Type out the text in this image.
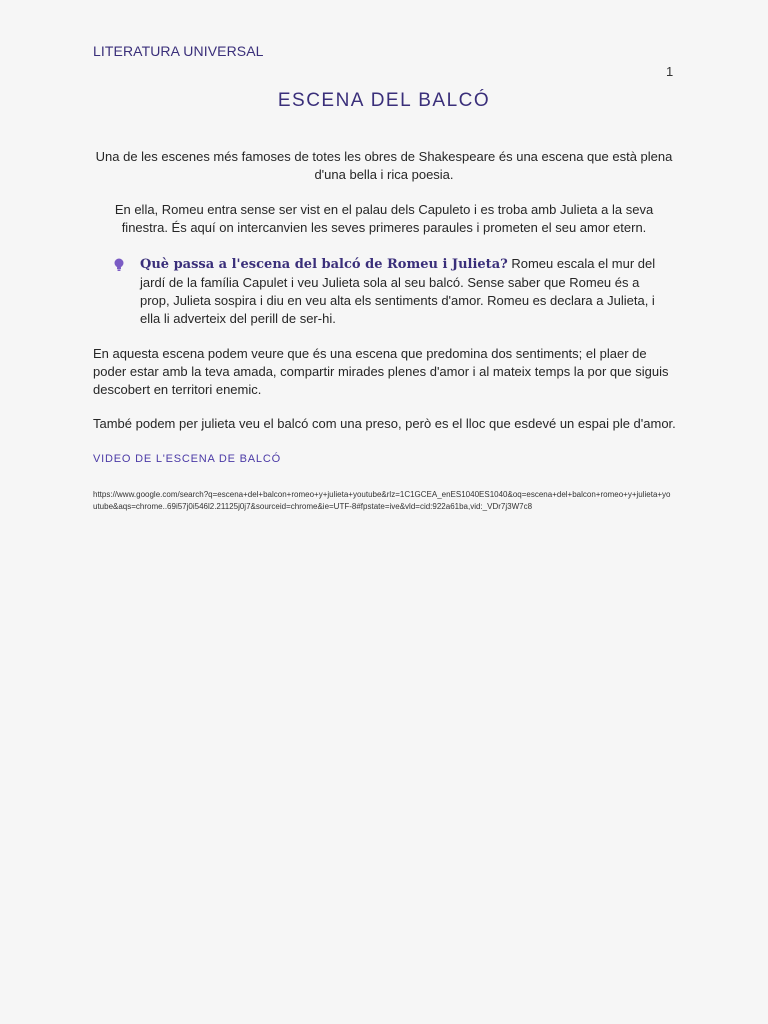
LITERATURA UNIVERSAL
1
ESCENA DEL BALCÓ
Una de les escenes més famoses de totes les obres de Shakespeare és una escena que està plena d'una bella i rica poesia.
En ella, Romeu entra sense ser vist en el palau dels Capuleto i es troba amb Julieta a la seva finestra. És aquí on intercanvien les seves primeres paraules i prometen el seu amor etern.
Què passa a l'escena del balcó de Romeu i Julieta? Romeu escala el mur del jardí de la família Capulet i veu Julieta sola al seu balcó. Sense saber que Romeu és a prop, Julieta sospira i diu en veu alta els sentiments d'amor. Romeu es declara a Julieta, i ella li adverteix del perill de ser-hi.
En aquesta escena podem veure que és una escena que predomina dos sentiments; el plaer de poder estar amb la teva amada, compartir mirades plenes d'amor i al mateix temps la por que siguis descobert en territori enemic.
També podem per julieta veu el balcó com una preso, però es el lloc que esdevé un espai ple d'amor.
VIDEO DE L'ESCENA DE BALCÓ
https://www.google.com/search?q=escena+del+balcon+romeo+y+julieta+youtube&rlz=1C1GCEA_enES1040ES1040&oq=escena+del+balcon+romeo+y+julieta+youtube&aqs=chrome..69i57j0i546l2.21125j0j7&sourceid=chrome&ie=UTF-8#fpstate=ive&vld=cid:922a61ba,vid:_VDr7j3W7c8
